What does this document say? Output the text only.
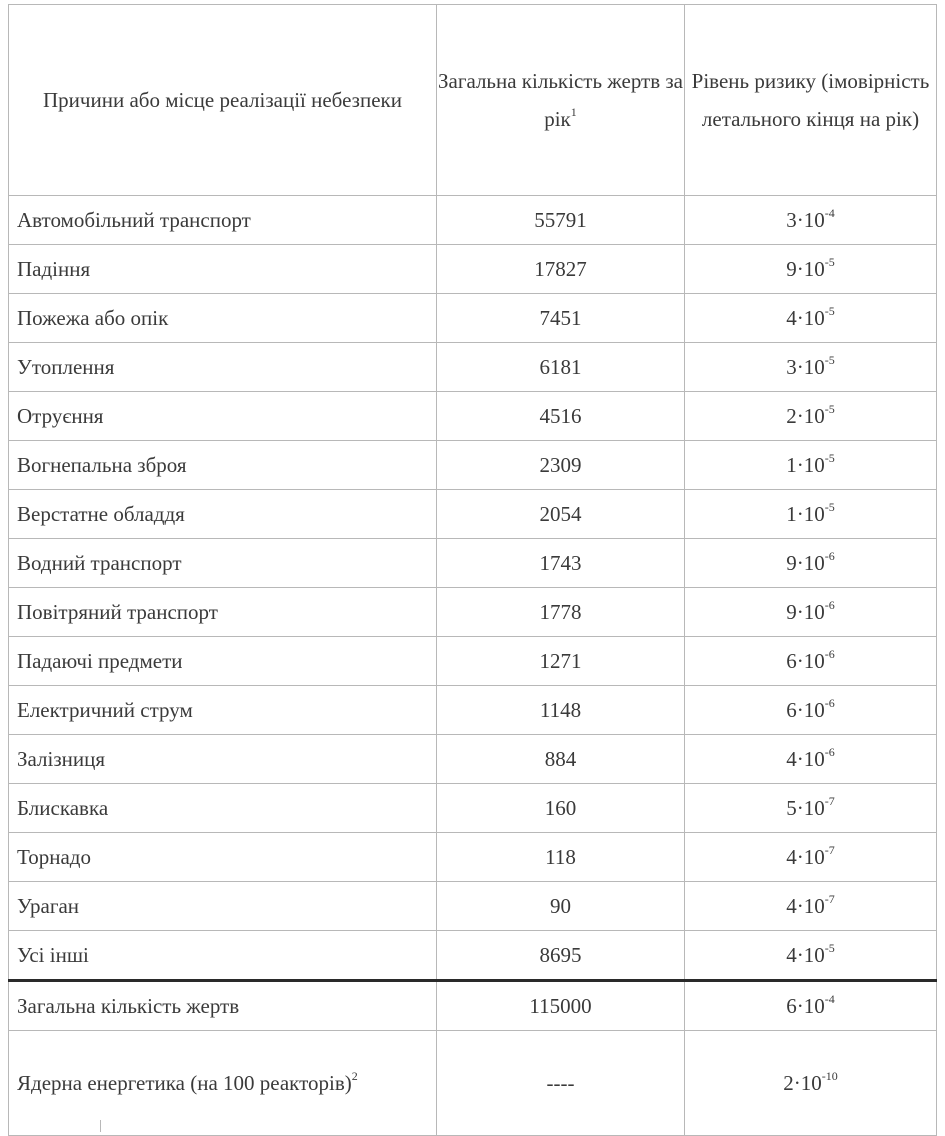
Причини або місце реалізації небезпеки	Загальна кількість жертв за рік$^1$	Рівень ризику (імовірність летального кінця на рік)
Автомобільний транспорт	55791	$3\cdot 10^{-4}$
Падіння	17827	$9\cdot 10^{-5}$
Пожежа або опік	7451	$4\cdot 10^{-5}$
Утоплення	6181	$3\cdot 10^{-5}$
Отруєння	4516	$2\cdot 10^{-5}$
Вогнепальна зброя	2309	$1\cdot 10^{-5}$
Верстатне обладдя	2054	$1\cdot 10^{-5}$
Водний транспорт	1743	$9\cdot 10^{-6}$
Повітряний транспорт	1778	$9\cdot 10^{-6}$
Падаючі предмети	1271	$6\cdot 10^{-6}$
Електричний струм	1148	$6\cdot 10^{-6}$
Залізниця	884	$4\cdot 10^{-6}$
Блискавка	160	$5\cdot 10^{-7}$
Торнадо	118	$4\cdot 10^{-7}$
Ураган	90	$4\cdot 10^{-7}$
Усі інші	8695	$4\cdot 10^{-5}$
Загальна кількість жертв	115000	$6\cdot 10^{-4}$
Ядерна енергетика (на 100 реакторів)$^2$	----	$2\cdot 10^{-10}$
